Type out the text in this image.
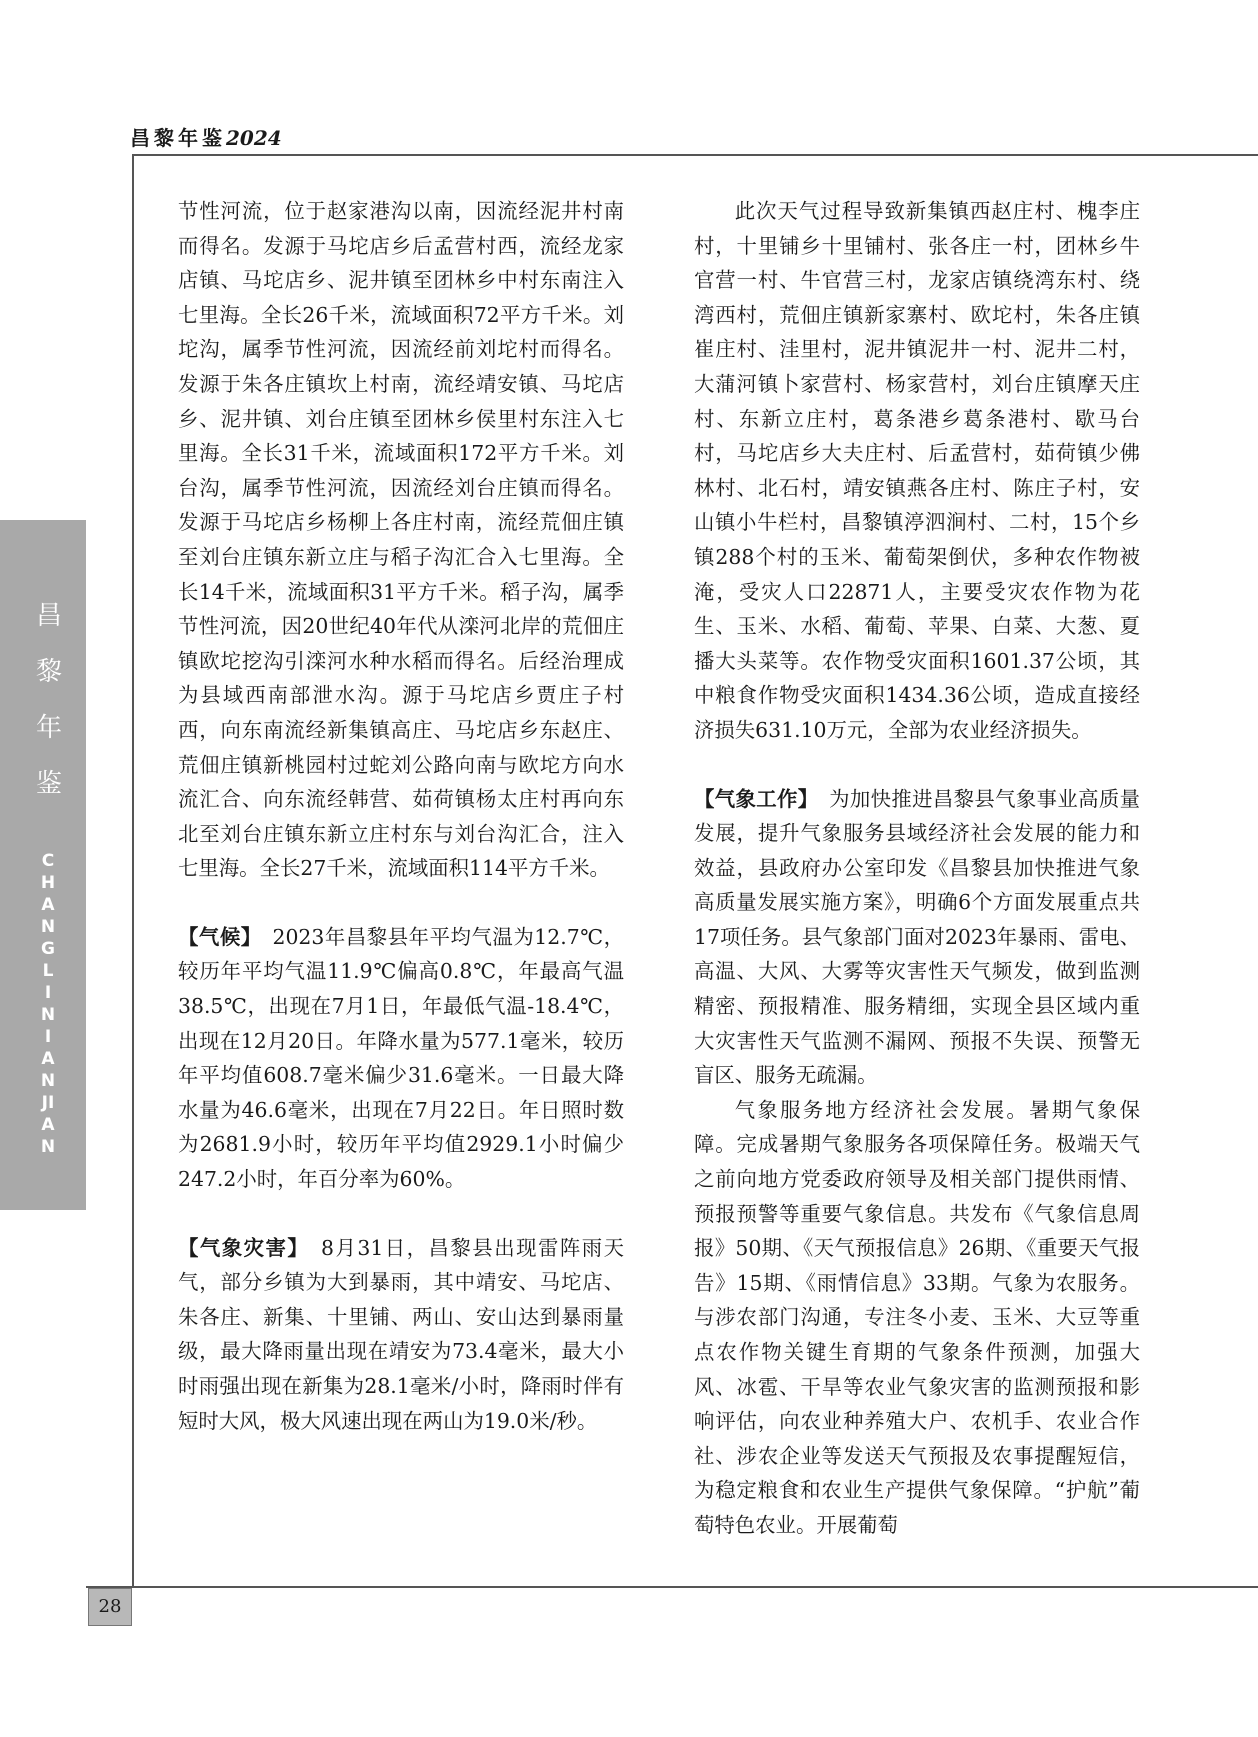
昌黎年鉴2024
昌黎年鉴
CHANGLINIANJIAN
28

节性河流，位于赵家港沟以南，因流经泥井村南而得名。发源于马坨店乡后孟营村西，流经龙家店镇、马坨店乡、泥井镇至团林乡中村东南注入七里海。全长26千米，流域面积72平方千米。刘坨沟，属季节性河流，因流经前刘坨村而得名。发源于朱各庄镇坎上村南，流经靖安镇、马坨店乡、泥井镇、刘台庄镇至团林乡侯里村东注入七里海。全长31千米，流域面积172平方千米。刘台沟，属季节性河流，因流经刘台庄镇而得名。发源于马坨店乡杨柳上各庄村南，流经荒佃庄镇至刘台庄镇东新立庄与稻子沟汇合入七里海。全长14千米，流域面积31平方千米。稻子沟，属季节性河流，因20世纪40年代从滦河北岸的荒佃庄镇欧坨挖沟引滦河水种水稻而得名。后经治理成为县域西南部泄水沟。源于马坨店乡贾庄子村西，向东南流经新集镇高庄、马坨店乡东赵庄、荒佃庄镇新桃园村过蛇刘公路向南与欧坨方向水流汇合、向东流经韩营、茹荷镇杨太庄村再向东北至刘台庄镇东新立庄村东与刘台沟汇合，注入七里海。全长27千米，流域面积114平方千米。

【气候】　2023年昌黎县年平均气温为12.7℃，较历年平均气温11.9℃偏高0.8℃，年最高气温38.5℃，出现在7月1日，年最低气温-18.4℃，出现在12月20日。年降水量为577.1毫米，较历年平均值608.7毫米偏少31.6毫米。一日最大降水量为46.6毫米，出现在7月22日。年日照时数为2681.9小时，较历年平均值2929.1小时偏少247.2小时，年百分率为60%。

【气象灾害】　8月31日，昌黎县出现雷阵雨天气，部分乡镇为大到暴雨，其中靖安、马坨店、朱各庄、新集、十里铺、两山、安山达到暴雨量级，最大降雨量出现在靖安为73.4毫米，最大小时雨强出现在新集为28.1毫米/小时，降雨时伴有短时大风，极大风速出现在两山为19.0米/秒。

此次天气过程导致新集镇西赵庄村、槐李庄村，十里铺乡十里铺村、张各庄一村，团林乡牛官营一村、牛官营三村，龙家店镇绕湾东村、绕湾西村，荒佃庄镇新家寨村、欧坨村，朱各庄镇崔庄村、洼里村，泥井镇泥井一村、泥井二村，大蒲河镇卜家营村、杨家营村，刘台庄镇摩天庄村、东新立庄村，葛条港乡葛条港村、歇马台村，马坨店乡大夫庄村、后孟营村，茹荷镇少佛林村、北石村，靖安镇燕各庄村、陈庄子村，安山镇小牛栏村，昌黎镇渟泗涧村、二村，15个乡镇288个村的玉米、葡萄架倒伏，多种农作物被淹，受灾人口22871人，主要受灾农作物为花生、玉米、水稻、葡萄、苹果、白菜、大葱、夏播大头菜等。农作物受灾面积1601.37公顷，其中粮食作物受灾面积1434.36公顷，造成直接经济损失631.10万元，全部为农业经济损失。

【气象工作】　为加快推进昌黎县气象事业高质量发展，提升气象服务县域经济社会发展的能力和效益，县政府办公室印发《昌黎县加快推进气象高质量发展实施方案》，明确6个方面发展重点共17项任务。县气象部门面对2023年暴雨、雷电、高温、大风、大雾等灾害性天气频发，做到监测精密、预报精准、服务精细，实现全县区域内重大灾害性天气监测不漏网、预报不失误、预警无盲区、服务无疏漏。

气象服务地方经济社会发展。暑期气象保障。完成暑期气象服务各项保障任务。极端天气之前向地方党委政府领导及相关部门提供雨情、预报预警等重要气象信息。共发布《气象信息周报》50期、《天气预报信息》26期、《重要天气报告》15期、《雨情信息》33期。气象为农服务。与涉农部门沟通，专注冬小麦、玉米、大豆等重点农作物关键生育期的气象条件预测，加强大风、冰雹、干旱等农业气象灾害的监测预报和影响评估，向农业种养殖大户、农机手、农业合作社、涉农企业等发送天气预报及农事提醒短信，为稳定粮食和农业生产提供气象保障。“护航”葡萄特色农业。开展葡萄
